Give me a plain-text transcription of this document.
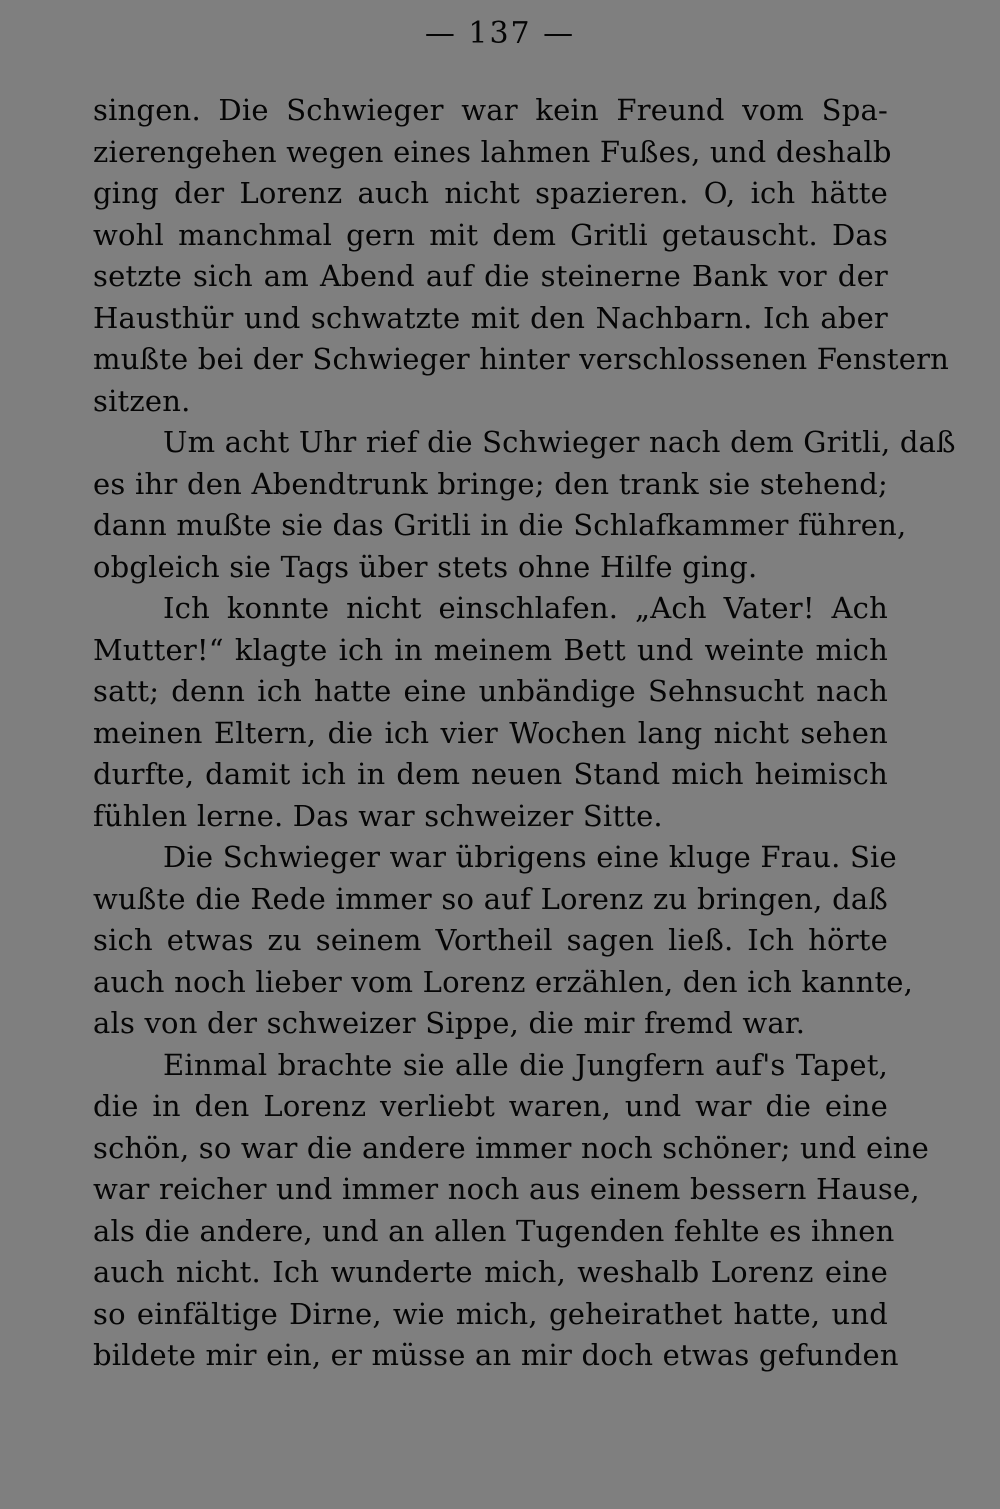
— 137 —
singen. Die Schwieger war kein Freund vom Spa-
zierengehen wegen eines lahmen Fußes, und deshalb
ging der Lorenz auch nicht spazieren. O, ich hätte
wohl manchmal gern mit dem Gritli getauscht. Das
setzte sich am Abend auf die steinerne Bank vor der
Hausthür und schwatzte mit den Nachbarn. Ich aber
mußte bei der Schwieger hinter verschlossenen Fenstern
sitzen.
Um acht Uhr rief die Schwieger nach dem Gritli, daß
es ihr den Abendtrunk bringe; den trank sie stehend;
dann mußte sie das Gritli in die Schlafkammer führen,
obgleich sie Tags über stets ohne Hilfe ging.
Ich konnte nicht einschlafen. „Ach Vater! Ach
Mutter!“ klagte ich in meinem Bett und weinte mich
satt; denn ich hatte eine unbändige Sehnsucht nach
meinen Eltern, die ich vier Wochen lang nicht sehen
durfte, damit ich in dem neuen Stand mich heimisch
fühlen lerne. Das war schweizer Sitte.
Die Schwieger war übrigens eine kluge Frau. Sie
wußte die Rede immer so auf Lorenz zu bringen, daß
sich etwas zu seinem Vortheil sagen ließ. Ich hörte
auch noch lieber vom Lorenz erzählen, den ich kannte,
als von der schweizer Sippe, die mir fremd war.
Einmal brachte sie alle die Jungfern auf's Tapet,
die in den Lorenz verliebt waren, und war die eine
schön, so war die andere immer noch schöner; und eine
war reicher und immer noch aus einem bessern Hause,
als die andere, und an allen Tugenden fehlte es ihnen
auch nicht. Ich wunderte mich, weshalb Lorenz eine
so einfältige Dirne, wie mich, geheirathet hatte, und
bildete mir ein, er müsse an mir doch etwas gefunden
